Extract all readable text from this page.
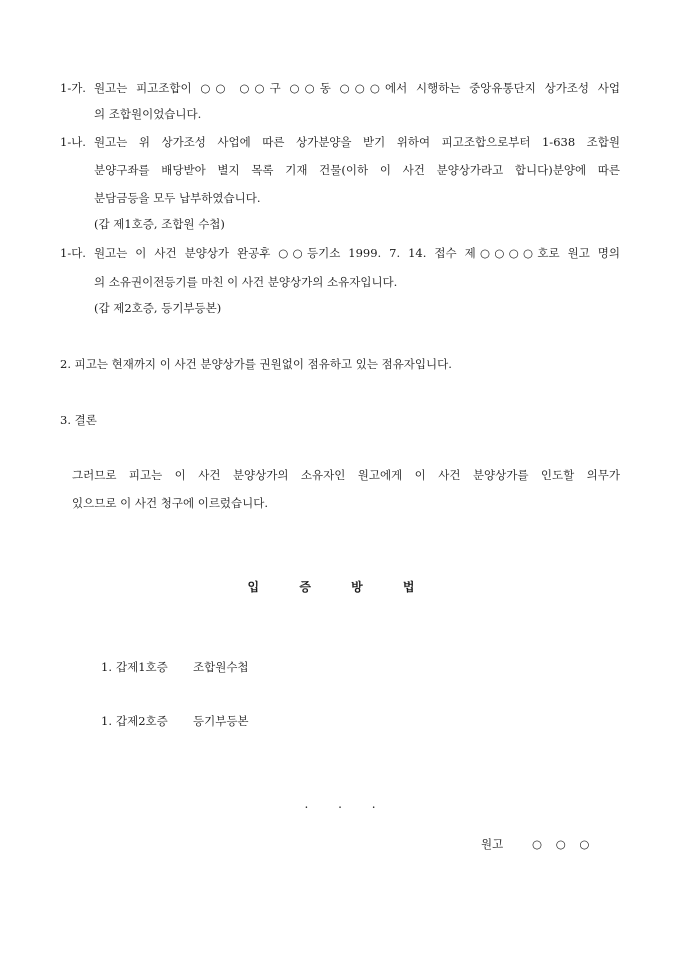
1-가. 원고는 피고조합이 ○○ ○○구 ○○동 ○○○에서 시행하는 중앙유통단지 상가조성 사업
의 조합원이었습니다.
1-나. 원고는 위 상가조성 사업에 따른 상가분양을 받기 위하여 피고조합으로부터 1-638 조합원
분양구좌를 배당받아 별지 목록 기재 건물(이하 이 사건 분양상가라고 합니다)분양에 따른
분담금등을 모두 납부하였습니다.
(갑 제1호증, 조합원 수첩)
1-다. 원고는 이 사건 분양상가 완공후 ○○등기소 1999. 7. 14. 접수 제○○○○호로 원고 명의
의 소유권이전등기를 마친 이 사건 분양상가의 소유자입니다.
(갑 제2호증, 등기부등본)
2. 피고는 현재까지 이 사건 분양상가를 권원없이 점유하고 있는 점유자입니다.
3. 결론
그러므로 피고는 이 사건 분양상가의 소유자인 원고에게 이 사건 분양상가를 인도할 의무가
있으므로 이 사건 청구에 이르렀습니다.
입 증 방 법
1. 갑제1호증 조합원수첩
1. 갑제2호증 등기부등본
. . .
원고	○ ○ ○
